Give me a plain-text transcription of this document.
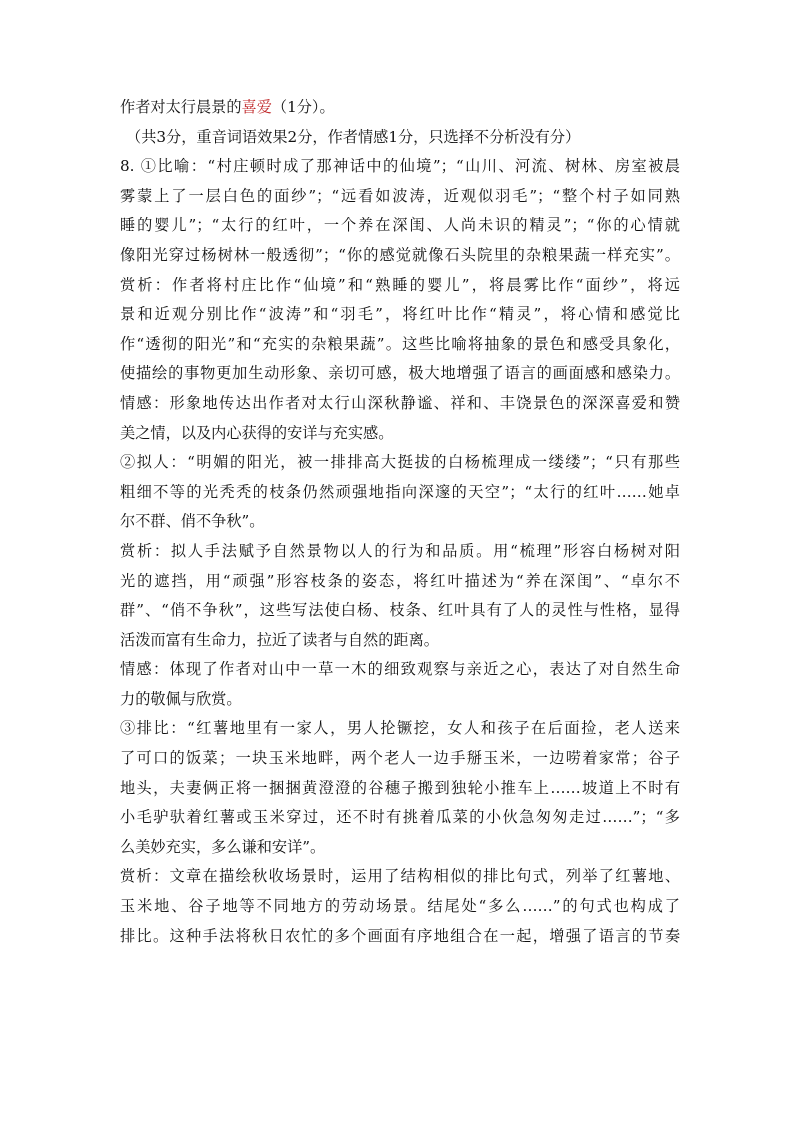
作者对太行晨景的喜爱（1分）。
（共3分，重音词语效果2分，作者情感1分，只选择不分析没有分）
8. ①比喻：“村庄顿时成了那神话中的仙境”；“山川、河流、树林、房室被晨
雾蒙上了一层白色的面纱”；“远看如波涛，近观似羽毛”；“整个村子如同熟
睡的婴儿”；“太行的红叶，一个养在深闺、人尚未识的精灵”；“你的心情就
像阳光穿过杨树林一般透彻”；“你的感觉就像石头院里的杂粮果蔬一样充实”。
赏析：作者将村庄比作“仙境”和“熟睡的婴儿”，将晨雾比作“面纱”，将远
景和近观分别比作“波涛”和“羽毛”，将红叶比作“精灵”，将心情和感觉比
作“透彻的阳光”和“充实的杂粮果蔬”。这些比喻将抽象的景色和感受具象化，
使描绘的事物更加生动形象、亲切可感，极大地增强了语言的画面感和感染力。
情感：形象地传达出作者对太行山深秋静谧、祥和、丰饶景色的深深喜爱和赞
美之情，以及内心获得的安详与充实感。
②拟人：“明媚的阳光，被一排排高大挺拔的白杨梳理成一缕缕”；“只有那些
粗细不等的光秃秃的枝条仍然顽强地指向深邃的天空”；“太行的红叶……她卓
尔不群、俏不争秋”。
赏析：拟人手法赋予自然景物以人的行为和品质。用“梳理”形容白杨树对阳
光的遮挡，用“顽强”形容枝条的姿态，将红叶描述为“养在深闺”、“卓尔不
群”、“俏不争秋”，这些写法使白杨、枝条、红叶具有了人的灵性与性格，显得
活泼而富有生命力，拉近了读者与自然的距离。
情感：体现了作者对山中一草一木的细致观察与亲近之心，表达了对自然生命
力的敬佩与欣赏。
③排比：“红薯地里有一家人，男人抡镢挖，女人和孩子在后面捡，老人送来
了可口的饭菜；一块玉米地畔，两个老人一边手掰玉米，一边唠着家常；谷子
地头，夫妻俩正将一捆捆黄澄澄的谷穗子搬到独轮小推车上……坡道上不时有
小毛驴驮着红薯或玉米穿过，还不时有挑着瓜菜的小伙急匆匆走过……”；“多
么美妙充实，多么谦和安详”。
赏析：文章在描绘秋收场景时，运用了结构相似的排比句式，列举了红薯地、
玉米地、谷子地等不同地方的劳动场景。结尾处“多么……”的句式也构成了
排比。这种手法将秋日农忙的多个画面有序地组合在一起，增强了语言的节奏
